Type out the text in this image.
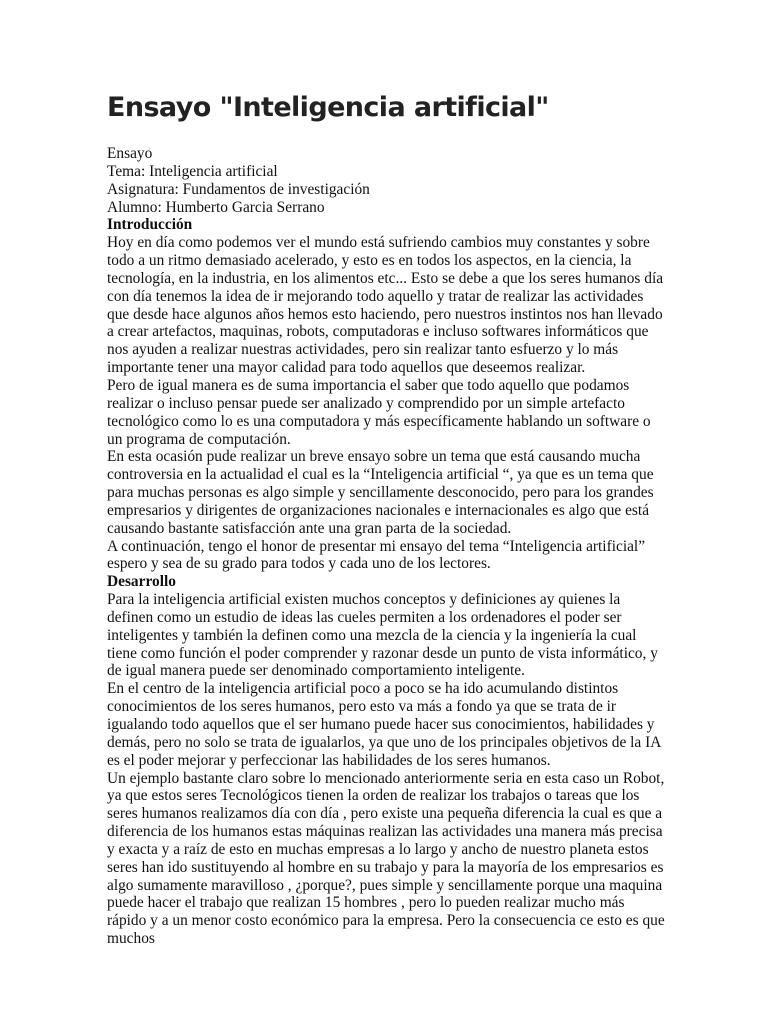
Ensayo "Inteligencia artificial"

Ensayo

Tema: Inteligencia artificial

Asignatura: Fundamentos de investigación

Alumno: Humberto Garcia Serrano

Introducción

Hoy en día como podemos ver el mundo está sufriendo cambios muy constantes y sobre todo a un ritmo demasiado acelerado, y esto es en todos los aspectos, en la ciencia, la tecnología, en la industria, en los alimentos etc... Esto se debe a que los seres humanos día con día tenemos la idea de ir mejorando todo aquello y tratar de realizar las actividades que desde hace algunos años hemos esto haciendo, pero nuestros instintos nos han llevado a crear artefactos, maquinas, robots, computadoras e incluso softwares informáticos que nos ayuden a realizar nuestras actividades, pero sin realizar tanto esfuerzo y lo más importante tener una mayor calidad para todo aquellos que deseemos realizar.

Pero de igual manera es de suma importancia el saber que todo aquello que podamos realizar o incluso pensar puede ser analizado y comprendido por un simple artefacto tecnológico como lo es una computadora y más específicamente hablando un software o un programa de computación.

En esta ocasión pude realizar un breve ensayo sobre un tema que está causando mucha controversia en la actualidad el cual es la “Inteligencia artificial “, ya que es un tema que para muchas personas es algo simple y sencillamente desconocido, pero para los grandes empresarios y dirigentes de organizaciones nacionales e internacionales es algo que está causando bastante satisfacción ante una gran parta de la sociedad.

A continuación, tengo el honor de presentar mi ensayo del tema “Inteligencia artificial” espero y sea de su grado para todos y cada uno de los lectores.

Desarrollo

Para la inteligencia artificial existen muchos conceptos y definiciones ay quienes la definen como un estudio de ideas las cueles permiten a los ordenadores el poder ser inteligentes y también la definen como una mezcla de la ciencia y la ingeniería la cual tiene como función el poder comprender y razonar desde un punto de vista informático, y de igual manera puede ser denominado comportamiento inteligente.

En el centro de la inteligencia artificial poco a poco se ha ido acumulando distintos conocimientos de los seres humanos, pero esto va más a fondo ya que se trata de ir igualando todo aquellos que el ser humano puede hacer sus conocimientos, habilidades y demás, pero no solo se trata de igualarlos, ya que uno de los principales objetivos de la IA es el poder mejorar y perfeccionar las habilidades de los seres humanos.

Un ejemplo bastante claro sobre lo mencionado anteriormente seria en esta caso un Robot, ya que estos seres Tecnológicos tienen la orden de realizar los trabajos o tareas que los seres humanos realizamos día con día , pero existe una pequeña diferencia la cual es que a diferencia de los humanos estas máquinas realizan las actividades una manera más precisa y exacta y a raíz de esto en muchas empresas a lo largo y ancho de nuestro planeta estos seres han ido sustituyendo al hombre en su trabajo y para la mayoría de los empresarios es algo sumamente maravilloso , ¿porque?, pues simple y sencillamente porque una maquina puede hacer el trabajo que realizan 15 hombres , pero lo pueden realizar mucho más rápido y a un menor costo económico para la empresa. Pero la consecuencia ce esto es que muchos
